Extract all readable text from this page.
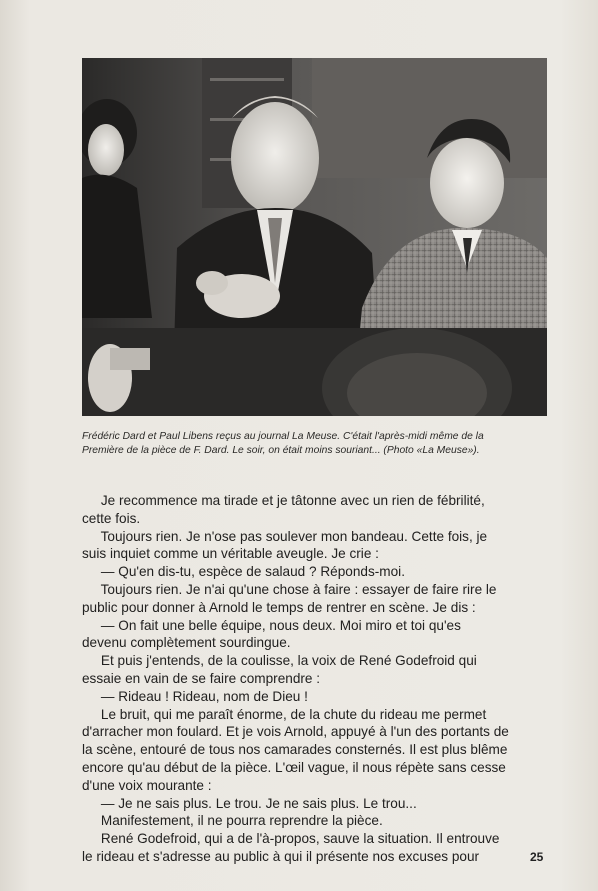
Frédéric Dard et Paul Libens reçus au journal La Meuse. C'était l'après-midi même de la

Première de la pièce de F. Dard. Le soir, on était moins souriant... (Photo «La Meuse»).

Je recommence ma tirade et je tâtonne avec un rien de fébrilité,

cette fois.

Toujours rien. Je n'ose pas soulever mon bandeau. Cette fois, je

suis inquiet comme un véritable aveugle. Je crie :

— Qu'en dis-tu, espèce de salaud ? Réponds-moi.

Toujours rien. Je n'ai qu'une chose à faire : essayer de faire rire le

public pour donner à Arnold le temps de rentrer en scène. Je dis :

— On fait une belle équipe, nous deux. Moi miro et toi qu'es

devenu complètement sourdingue.

Et puis j'entends, de la coulisse, la voix de René Godefroid qui

essaie en vain de se faire comprendre :

— Rideau ! Rideau, nom de Dieu !

Le bruit, qui me paraît énorme, de la chute du rideau me permet

d'arracher mon foulard. Et je vois Arnold, appuyé à l'un des portants de

la scène, entouré de tous nos camarades consternés. Il est plus blême

encore qu'au début de la pièce. L'œil vague, il nous répète sans cesse

d'une voix mourante :

— Je ne sais plus. Le trou. Je ne sais plus. Le trou...

Manifestement, il ne pourra reprendre la pièce.

René Godefroid, qui a de l'à-propos, sauve la situation. Il entrouve

le rideau et s'adresse au public à qui il présente nos excuses pour	25
